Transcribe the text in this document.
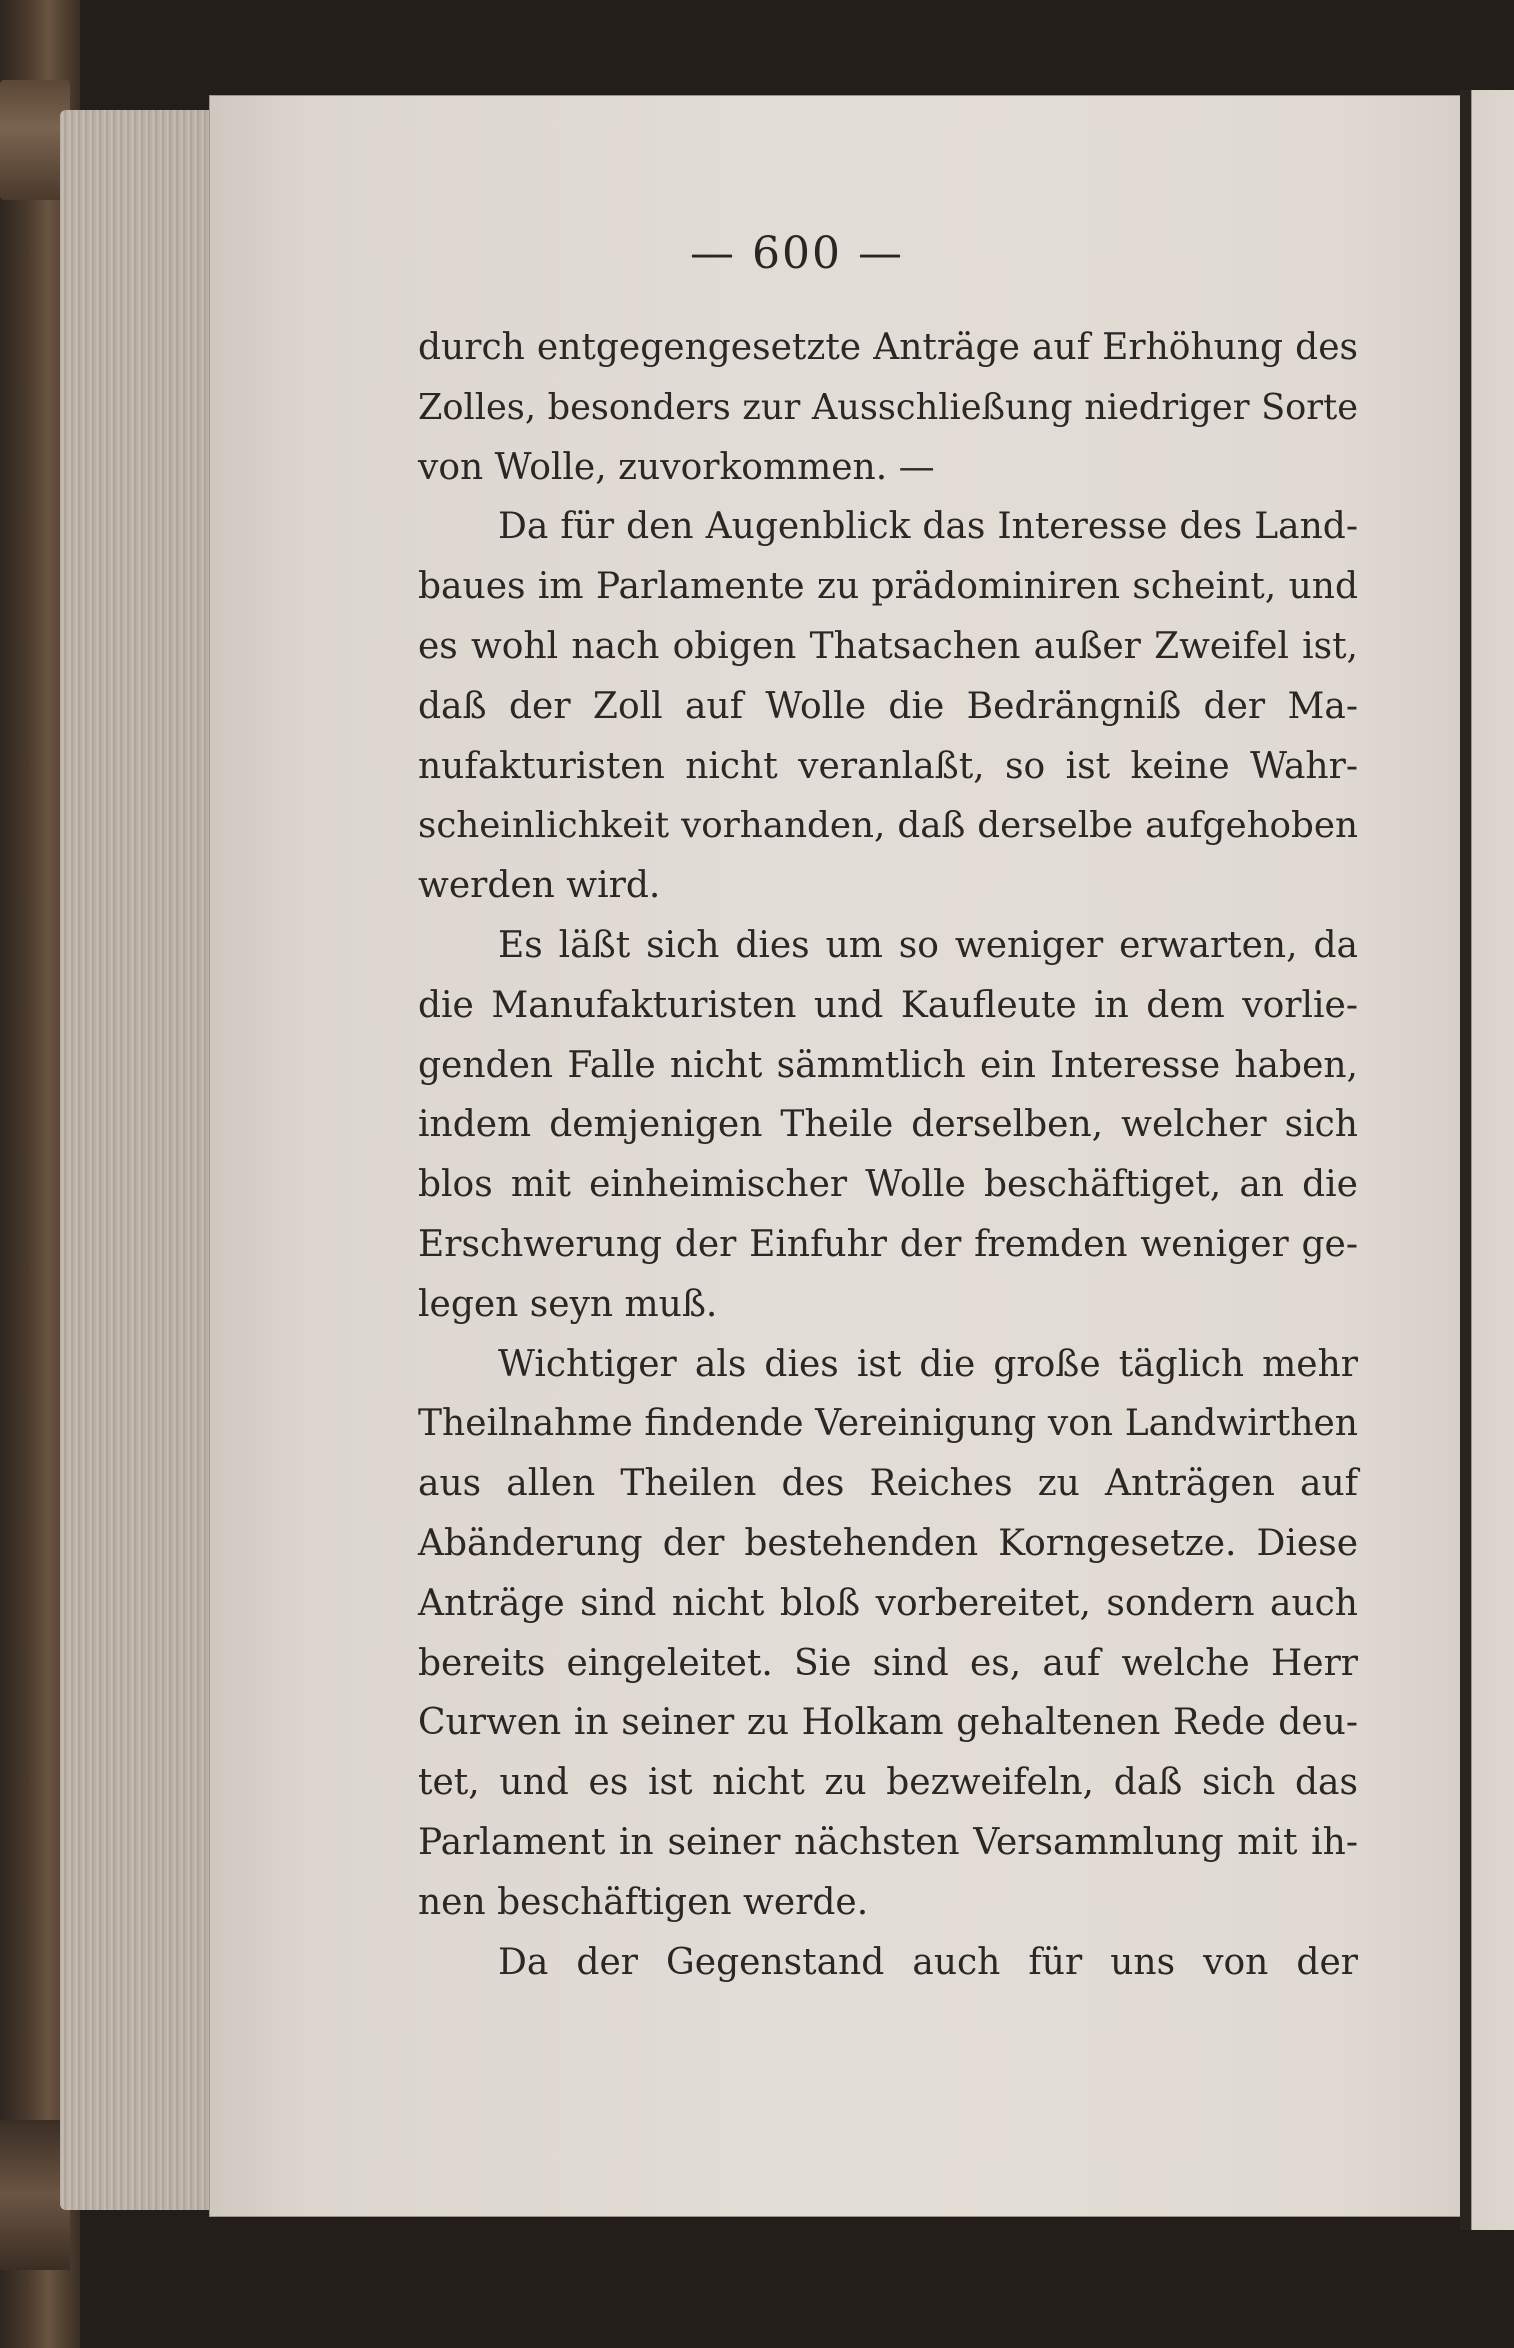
— 600 —

durch entgegengesetzte Anträge auf Erhöhung des
Zolles, besonders zur Ausschließung niedriger Sorte
von Wolle, zuvorkommen. —

Da für den Augenblick das Interesse des Land-
baues im Parlamente zu prädominiren scheint, und
es wohl nach obigen Thatsachen außer Zweifel ist,
daß der Zoll auf Wolle die Bedrängniß der Ma-
nufakturisten nicht veranlaßt, so ist keine Wahr-
scheinlichkeit vorhanden, daß derselbe aufgehoben
werden wird.

Es läßt sich dies um so weniger erwarten, da
die Manufakturisten und Kaufleute in dem vorlie-
genden Falle nicht sämmtlich ein Interesse haben,
indem demjenigen Theile derselben, welcher sich
blos mit einheimischer Wolle beschäftiget, an die
Erschwerung der Einfuhr der fremden weniger ge-
legen seyn muß.

Wichtiger als dies ist die große täglich mehr
Theilnahme findende Vereinigung von Landwirthen
aus allen Theilen des Reiches zu Anträgen auf
Abänderung der bestehenden Korngesetze. Diese
Anträge sind nicht bloß vorbereitet, sondern auch
bereits eingeleitet. Sie sind es, auf welche Herr
Curwen in seiner zu Holkam gehaltenen Rede deu-
tet, und es ist nicht zu bezweifeln, daß sich das
Parlament in seiner nächsten Versammlung mit ih-
nen beschäftigen werde.

Da der Gegenstand auch für uns von der
